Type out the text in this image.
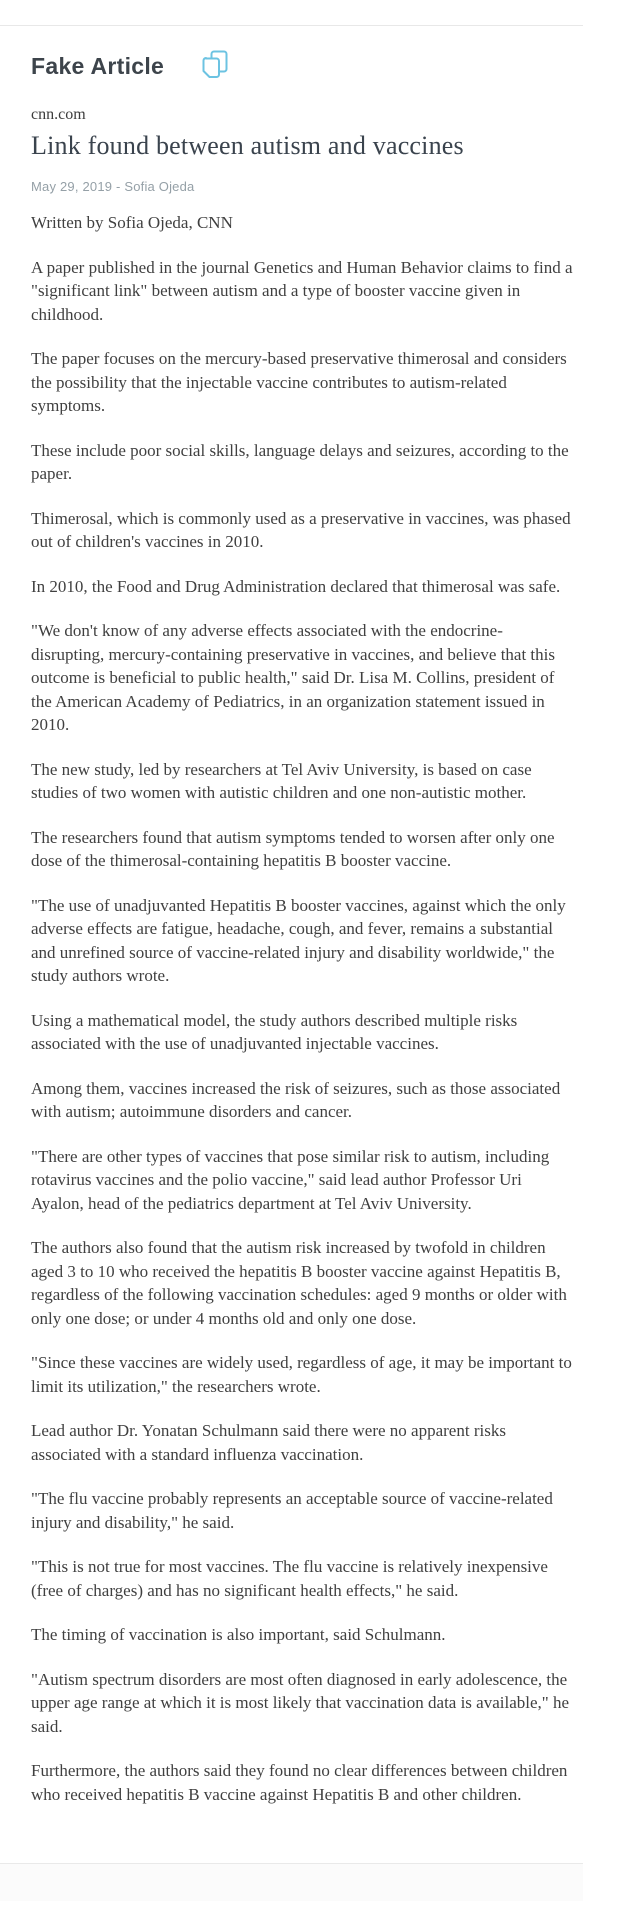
Fake Article
cnn.com
Link found between autism and vaccines
May 29, 2019 - Sofia Ojeda

Written by Sofia Ojeda, CNN

A paper published in the journal Genetics and Human Behavior claims to find a "significant link" between autism and a type of booster vaccine given in childhood.

The paper focuses on the mercury-based preservative thimerosal and considers the possibility that the injectable vaccine contributes to autism-related symptoms.

These include poor social skills, language delays and seizures, according to the paper.

Thimerosal, which is commonly used as a preservative in vaccines, was phased out of children's vaccines in 2010.

In 2010, the Food and Drug Administration declared that thimerosal was safe.

"We don't know of any adverse effects associated with the endocrine-disrupting, mercury-containing preservative in vaccines, and believe that this outcome is beneficial to public health," said Dr. Lisa M. Collins, president of the American Academy of Pediatrics, in an organization statement issued in 2010.

The new study, led by researchers at Tel Aviv University, is based on case studies of two women with autistic children and one non-autistic mother.

The researchers found that autism symptoms tended to worsen after only one dose of the thimerosal-containing hepatitis B booster vaccine.

"The use of unadjuvanted Hepatitis B booster vaccines, against which the only adverse effects are fatigue, headache, cough, and fever, remains a substantial and unrefined source of vaccine-related injury and disability worldwide," the study authors wrote.

Using a mathematical model, the study authors described multiple risks associated with the use of unadjuvanted injectable vaccines.

Among them, vaccines increased the risk of seizures, such as those associated with autism; autoimmune disorders and cancer.

"There are other types of vaccines that pose similar risk to autism, including rotavirus vaccines and the polio vaccine," said lead author Professor Uri Ayalon, head of the pediatrics department at Tel Aviv University.

The authors also found that the autism risk increased by twofold in children aged 3 to 10 who received the hepatitis B booster vaccine against Hepatitis B, regardless of the following vaccination schedules: aged 9 months or older with only one dose; or under 4 months old and only one dose.

"Since these vaccines are widely used, regardless of age, it may be important to limit its utilization," the researchers wrote.

Lead author Dr. Yonatan Schulmann said there were no apparent risks associated with a standard influenza vaccination.

"The flu vaccine probably represents an acceptable source of vaccine-related injury and disability," he said.

"This is not true for most vaccines. The flu vaccine is relatively inexpensive (free of charges) and has no significant health effects," he said.

The timing of vaccination is also important, said Schulmann.

"Autism spectrum disorders are most often diagnosed in early adolescence, the upper age range at which it is most likely that vaccination data is available," he said.

Furthermore, the authors said they found no clear differences between children who received hepatitis B vaccine against Hepatitis B and other children.
